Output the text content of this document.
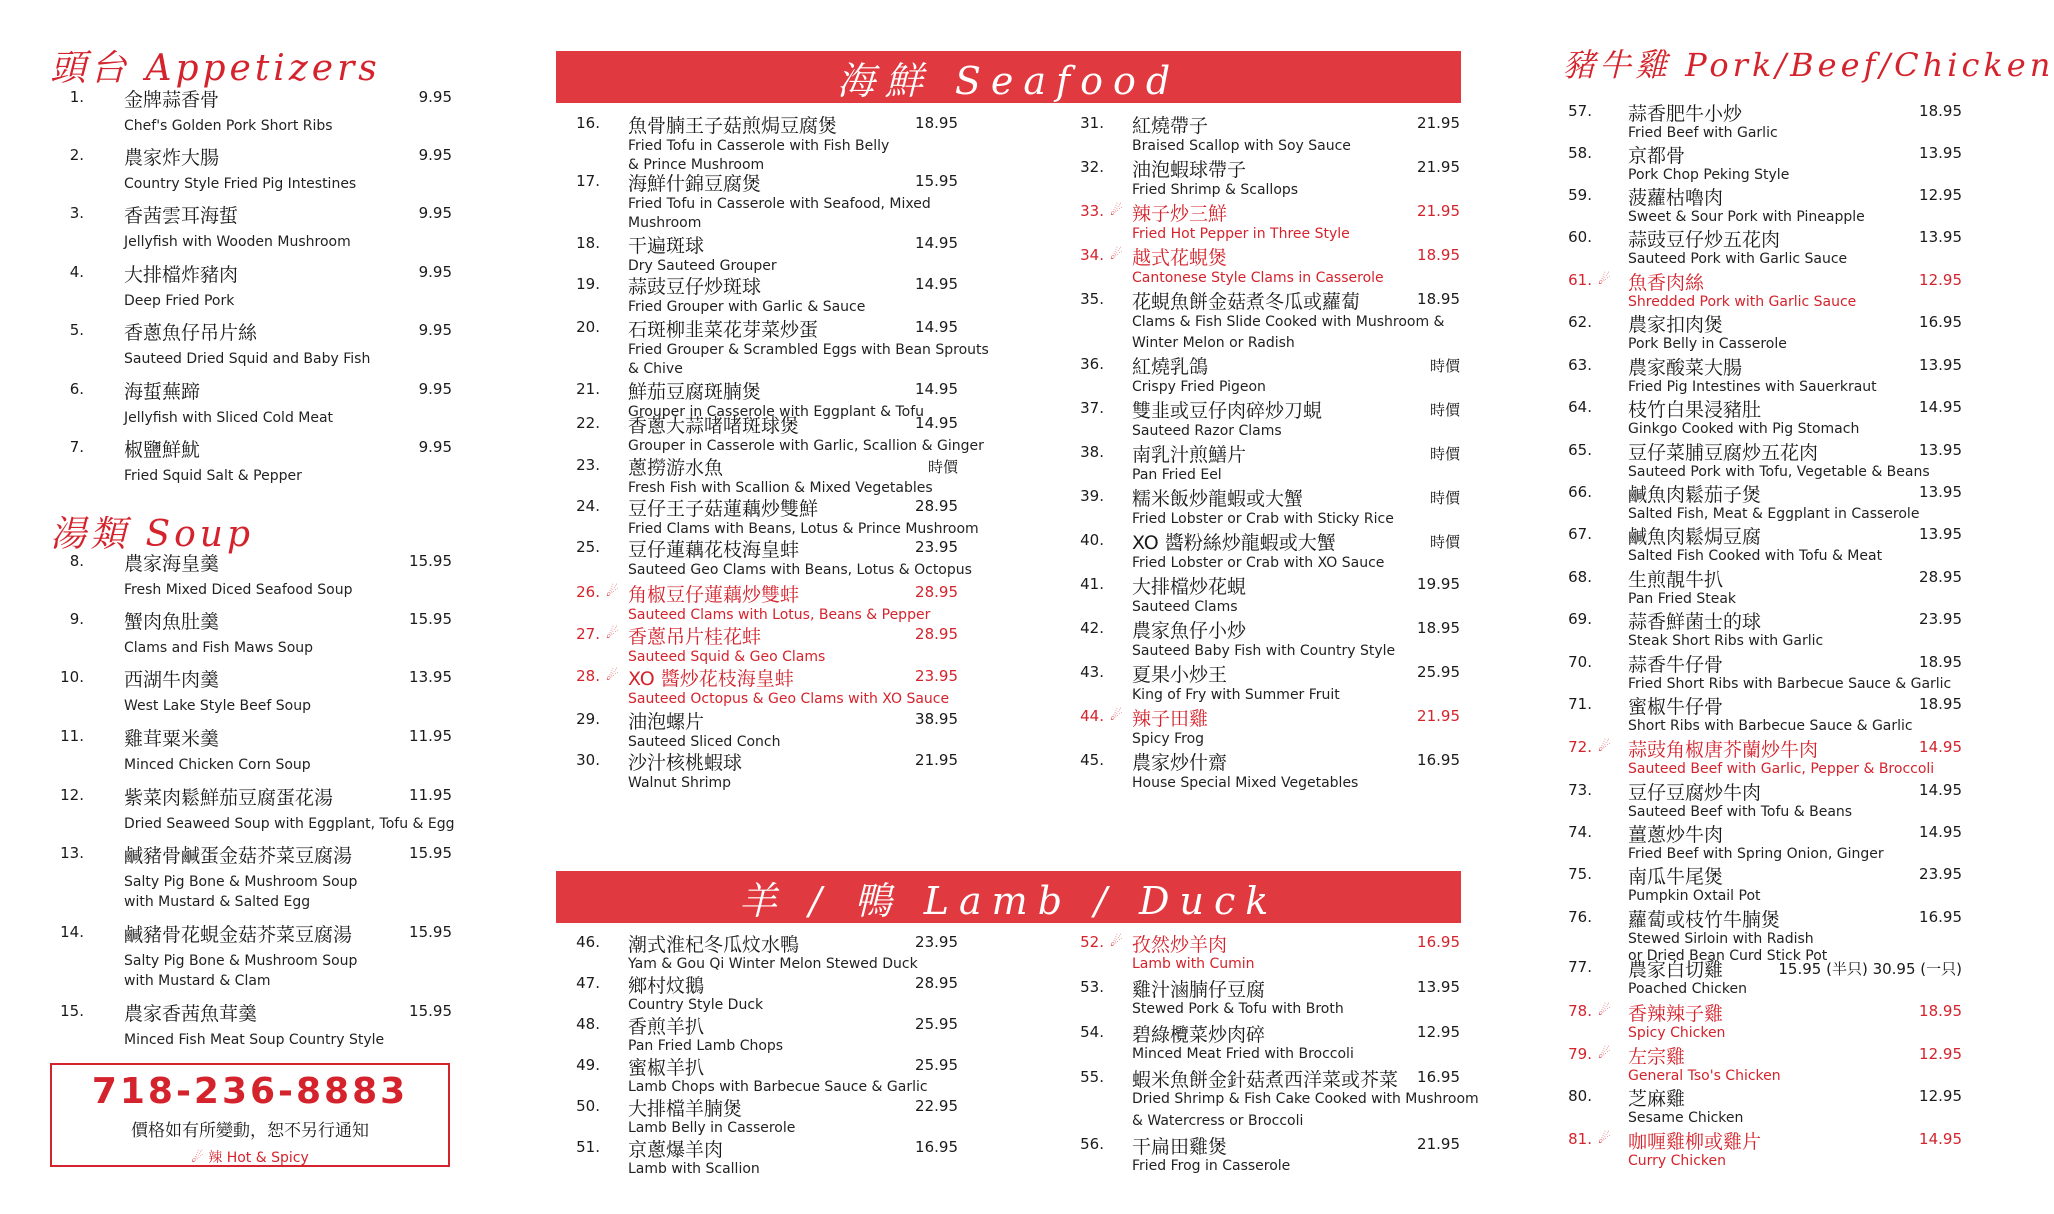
頭台 Appetizers
湯類 Soup
海鮮 Seafood
羊 / 鴨 Lamb / Duck
豬牛雞 Pork/Beef/Chicken
1. 金牌蒜香骨
Chef's Golden Pork Short Ribs
9.95
2. 農家炸大腸
Country Style Fried Pig Intestines
9.95
3. 香茜雲耳海蜇
Jellyfish with Wooden Mushroom
9.95
4. 大排檔炸豬肉
Deep Fried Pork
9.95
5. 香蔥魚仔吊片絲
Sauteed Dried Squid and Baby Fish
9.95
6. 海蜇蕪蹄
Jellyfish with Sliced Cold Meat
9.95
7. 椒鹽鮮魷
Fried Squid Salt & Pepper
9.95
8. 農家海皇羹
Fresh Mixed Diced Seafood Soup
15.95
9. 蟹肉魚肚羹
Clams and Fish Maws Soup
15.95
10. 西湖牛肉羹
West Lake Style Beef Soup
13.95
11. 雞茸粟米羹
Minced Chicken Corn Soup
11.95
12. 紫菜肉鬆鮮茄豆腐蛋花湯
Dried Seaweed Soup with Eggplant, Tofu & Egg
11.95
13. 鹹豬骨鹹蛋金菇芥菜豆腐湯
Salty Pig Bone & Mushroom Soup
with Mustard & Salted Egg
15.95
14. 鹹豬骨花蜆金菇芥菜豆腐湯
Salty Pig Bone & Mushroom Soup
with Mustard & Clam
15.95
15. 農家香茜魚茸羹
Minced Fish Meat Soup Country Style
15.95
16. 魚骨腩王子菇煎焗豆腐煲
Fried Tofu in Casserole with Fish Belly
& Prince Mushroom
18.95
17. 海鮮什錦豆腐煲
Fried Tofu in Casserole with Seafood, Mixed
Mushroom
15.95
18. 干遍斑球
Dry Sauteed Grouper
14.95
19. 蒜豉豆仔炒斑球
Fried Grouper with Garlic & Sauce
14.95
20. 石斑柳韭菜花芽菜炒蛋
Fried Grouper & Scrambled Eggs with Bean Sprouts
& Chive
14.95
21. 鮮茄豆腐斑腩煲
Grouper in Casserole with Eggplant & Tofu
14.95
22. 香蔥大蒜啫啫斑球煲
Grouper in Casserole with Garlic, Scallion & Ginger
14.95
23. 蔥撈游水魚
Fresh Fish with Scallion & Mixed Vegetables
時價
24. 豆仔王子菇蓮藕炒雙鮮
Fried Clams with Beans, Lotus & Prince Mushroom
28.95
25. 豆仔蓮藕花枝海皇蚌
Sauteed Geo Clams with Beans, Lotus & Octopus
23.95
26. ☄ 角椒豆仔蓮藕炒雙蚌
Sauteed Clams with Lotus, Beans & Pepper
28.95
27. ☄ 香蔥吊片桂花蚌
Sauteed Squid & Geo Clams
28.95
28. ☄ XO 醬炒花枝海皇蚌
Sauteed Octopus & Geo Clams with XO Sauce
23.95
29. 油泡螺片
Sauteed Sliced Conch
38.95
30. 沙汁核桃蝦球
Walnut Shrimp
21.95
31. 紅燒帶子
Braised Scallop with Soy Sauce
21.95
32. 油泡蝦球帶子
Fried Shrimp & Scallops
21.95
33. ☄ 辣子炒三鮮
Fried Hot Pepper in Three Style
21.95
34. ☄ 越式花蜆煲
Cantonese Style Clams in Casserole
18.95
35. 花蜆魚餅金菇煮冬瓜或蘿蔔
Clams & Fish Slide Cooked with Mushroom &
Winter Melon or Radish
18.95
36. 紅燒乳鴿
Crispy Fried Pigeon
時價
37. 雙韭或豆仔肉碎炒刀蜆
Sauteed Razor Clams
時價
38. 南乳汁煎鱔片
Pan Fried Eel
時價
39. 糯米飯炒龍蝦或大蟹
Fried Lobster or Crab with Sticky Rice
時價
40. XO 醬粉絲炒龍蝦或大蟹
Fried Lobster or Crab with XO Sauce
時價
41. 大排檔炒花蜆
Sauteed Clams
19.95
42. 農家魚仔小炒
Sauteed Baby Fish with Country Style
18.95
43. 夏果小炒王
King of Fry with Summer Fruit
25.95
44. ☄ 辣子田雞
Spicy Frog
21.95
45. 農家炒什齋
House Special Mixed Vegetables
16.95
46. 潮式淮杞冬瓜炆水鴨
Yam & Gou Qi Winter Melon Stewed Duck
23.95
47. 鄉村炆鵝
Country Style Duck
28.95
48. 香煎羊扒
Pan Fried Lamb Chops
25.95
49. 蜜椒羊扒
Lamb Chops with Barbecue Sauce & Garlic
25.95
50. 大排檔羊腩煲
Lamb Belly in Casserole
22.95
51. 京蔥爆羊肉
Lamb with Scallion
16.95
52. ☄ 孜然炒羊肉
Lamb with Cumin
16.95
53. 雞汁滷腩仔豆腐
Stewed Pork & Tofu with Broth
13.95
54. 碧綠欖菜炒肉碎
Minced Meat Fried with Broccoli
12.95
55. 蝦米魚餅金針菇煮西洋菜或芥菜
Dried Shrimp & Fish Cake Cooked with Mushroom
& Watercress or Broccoli
16.95
56. 干扁田雞煲
Fried Frog in Casserole
21.95
57. 蒜香肥牛小炒
Fried Beef with Garlic
18.95
58. 京都骨
Pork Chop Peking Style
13.95
59. 菠蘿枯嚕肉
Sweet & Sour Pork with Pineapple
12.95
60. 蒜豉豆仔炒五花肉
Sauteed Pork with Garlic Sauce
13.95
61. ☄ 魚香肉絲
Shredded Pork with Garlic Sauce
12.95
62. 農家扣肉煲
Pork Belly in Casserole
16.95
63. 農家酸菜大腸
Fried Pig Intestines with Sauerkraut
13.95
64. 枝竹白果浸豬肚
Ginkgo Cooked with Pig Stomach
14.95
65. 豆仔菜脯豆腐炒五花肉
Sauteed Pork with Tofu, Vegetable & Beans
13.95
66. 鹹魚肉鬆茄子煲
Salted Fish, Meat & Eggplant in Casserole
13.95
67. 鹹魚肉鬆焗豆腐
Salted Fish Cooked with Tofu & Meat
13.95
68. 生煎靚牛扒
Pan Fried Steak
28.95
69. 蒜香鮮菌士的球
Steak Short Ribs with Garlic
23.95
70. 蒜香牛仔骨
Fried Short Ribs with Barbecue Sauce & Garlic
18.95
71. 蜜椒牛仔骨
Short Ribs with Barbecue Sauce & Garlic
18.95
72. ☄ 蒜豉角椒唐芥蘭炒牛肉
Sauteed Beef with Garlic, Pepper & Broccoli
14.95
73. 豆仔豆腐炒牛肉
Sauteed Beef with Tofu & Beans
14.95
74. 薑蔥炒牛肉
Fried Beef with Spring Onion, Ginger
14.95
75. 南瓜牛尾煲
Pumpkin Oxtail Pot
23.95
76. 蘿蔔或枝竹牛腩煲
Stewed Sirloin with Radish
or Dried Bean Curd Stick Pot
16.95
77. 農家白切雞
Poached Chicken
15.95 (半只) 30.95 (一只)
78. ☄ 香辣辣子雞
Spicy Chicken
18.95
79. ☄ 左宗雞
General Tso's Chicken
12.95
80. 芝麻雞
Sesame Chicken
12.95
81. ☄ 咖喱雞柳或雞片
Curry Chicken
14.95
718-236-8883
價格如有所變動，恕不另行通知
☄ 辣 Hot & Spicy
